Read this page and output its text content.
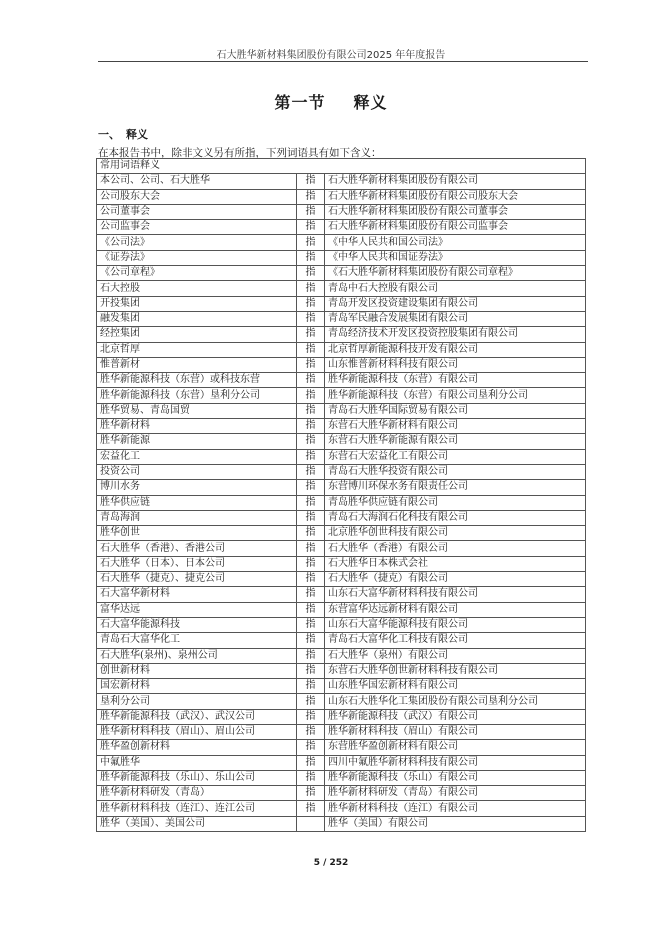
石大胜华新材料集团股份有限公司2025 年年度报告
第一节 释义
一、 释义
在本报告书中，除非文义另有所指，下列词语具有如下含义：
常用词语释义		
本公司、公司、石大胜华	指	石大胜华新材料集团股份有限公司
公司股东大会	指	石大胜华新材料集团股份有限公司股东大会
公司董事会	指	石大胜华新材料集团股份有限公司董事会
公司监事会	指	石大胜华新材料集团股份有限公司监事会
《公司法》	指	《中华人民共和国公司法》
《证券法》	指	《中华人民共和国证券法》
《公司章程》	指	《石大胜华新材料集团股份有限公司章程》
石大控股	指	青岛中石大控股有限公司
开投集团	指	青岛开发区投资建设集团有限公司
融发集团	指	青岛军民融合发展集团有限公司
经控集团	指	青岛经济技术开发区投资控股集团有限公司
北京哲厚	指	北京哲厚新能源科技开发有限公司
惟普新材	指	山东惟普新材料科技有限公司
胜华新能源科技（东营）或科技东营	指	胜华新能源科技（东营）有限公司
胜华新能源科技（东营）垦利分公司	指	胜华新能源科技（东营）有限公司垦利分公司
胜华贸易、青岛国贸	指	青岛石大胜华国际贸易有限公司
胜华新材料	指	东营石大胜华新材料有限公司
胜华新能源	指	东营石大胜华新能源有限公司
宏益化工	指	东营石大宏益化工有限公司
投资公司	指	青岛石大胜华投资有限公司
博川水务	指	东营博川环保水务有限责任公司
胜华供应链	指	青岛胜华供应链有限公司
青岛海润	指	青岛石大海润石化科技有限公司
胜华创世	指	北京胜华创世科技有限公司
石大胜华（香港）、香港公司	指	石大胜华（香港）有限公司
石大胜华（日本）、日本公司	指	石大胜华日本株式会社
石大胜华（捷克）、捷克公司	指	石大胜华（捷克）有限公司
石大富华新材料	指	山东石大富华新材料科技有限公司
富华达远	指	东营富华达远新材料有限公司
石大富华能源科技	指	山东石大富华能源科技有限公司
青岛石大富华化工	指	青岛石大富华化工科技有限公司
石大胜华(泉州)、泉州公司	指	石大胜华（泉州）有限公司
创世新材料	指	东营石大胜华创世新材料科技有限公司
国宏新材料	指	山东胜华国宏新材料有限公司
垦利分公司	指	山东石大胜华化工集团股份有限公司垦利分公司
胜华新能源科技（武汉）、武汉公司	指	胜华新能源科技（武汉）有限公司
胜华新材料科技（眉山）、眉山公司	指	胜华新材料科技（眉山）有限公司
胜华盈创新材料	指	东营胜华盈创新材料有限公司
中氟胜华	指	四川中氟胜华新材料科技有限公司
胜华新能源科技（乐山）、乐山公司	指	胜华新能源科技（乐山）有限公司
胜华新材料研发（青岛）	指	胜华新材料研发（青岛）有限公司
胜华新材料科技（连江）、连江公司	指	胜华新材料科技（连江）有限公司
胜华（美国）、美国公司		胜华（美国）有限公司
5 / 252
